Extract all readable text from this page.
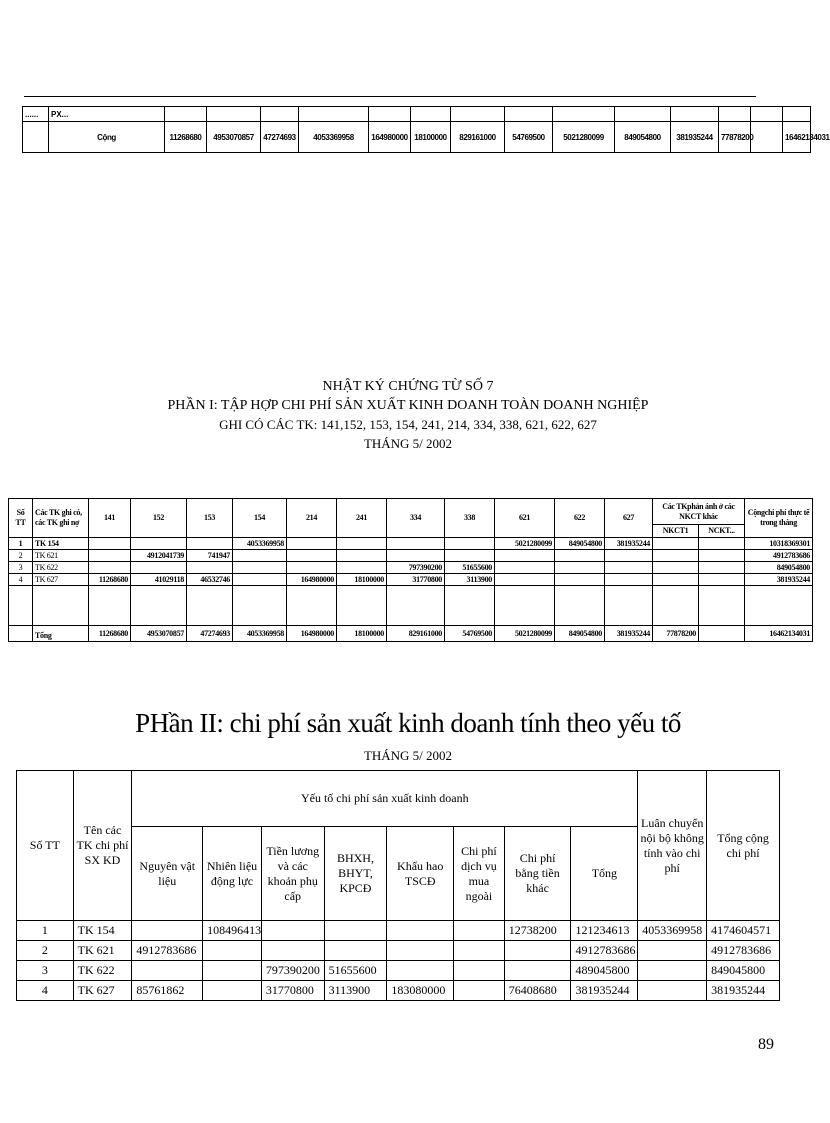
......	PX...														
	Cộng	11268680	4953070857	47274693	4053369958	164980000	18100000	829161000	54769500	5021280099	849054800	381935244	77878200		16462134031
NHẬT KÝ CHỨNG TỪ SỐ 7
PHẦN I: TẬP HỢP CHI PHÍ SẢN XUẤT KINH DOANH TOÀN DOANH NGHIỆP
GHI CÓ CÁC TK: 141,152, 153, 154, 241, 214, 334, 338, 621, 622, 627
THÁNG 5/ 2002
Số TT	Các TK ghi có, các TK ghi nợ	141	152	153	154	214	241	334	338	621	622	627	Các TKphản ánh ở các NKCT khác		Cộngchi phí thực tế trong tháng
													NKCT1	NCKT...	
1	TK 154				4053369958					5021280099	849054800	381935244			10318369301
2	TK 621		4912041739	741947											4912783686
3	TK 622							797390200	51655600						849054800
4	TK 627	11268680	41029118	46532746		164980000	18100000	31770800	3113900						381935244

	Tổng	11268680	4953070857	47274693	4053369958	164980000	18100000	829161000	54769500	5021280099	849054800	381935244	77878200		16462134031
PHần II: chi phí sản xuất kinh doanh tính theo yếu tố
THÁNG 5/ 2002
Số TT	Tên các TK chi phí SX KD	Yếu tố chi phí sản xuất kinh doanh								Luân chuyển nội bộ không tính vào chi phí	Tổng cộng chi phí
		Nguyên vật liệu	Nhiên liệu động lực	Tiền lương và các khoản phụ cấp	BHXH, BHYT, KPCĐ	Khấu hao TSCĐ	Chi phí dịch vụ mua ngoài	Chi phí bằng tiền khác	Tổng		
1	TK 154		108496413					12738200	121234613	4053369958	4174604571
2	TK 621	4912783686							4912783686		4912783686
3	TK 622			797390200	51655600				489045800		849045800
4	TK 627	85761862		31770800	3113900	183080000		76408680	381935244		381935244
89
